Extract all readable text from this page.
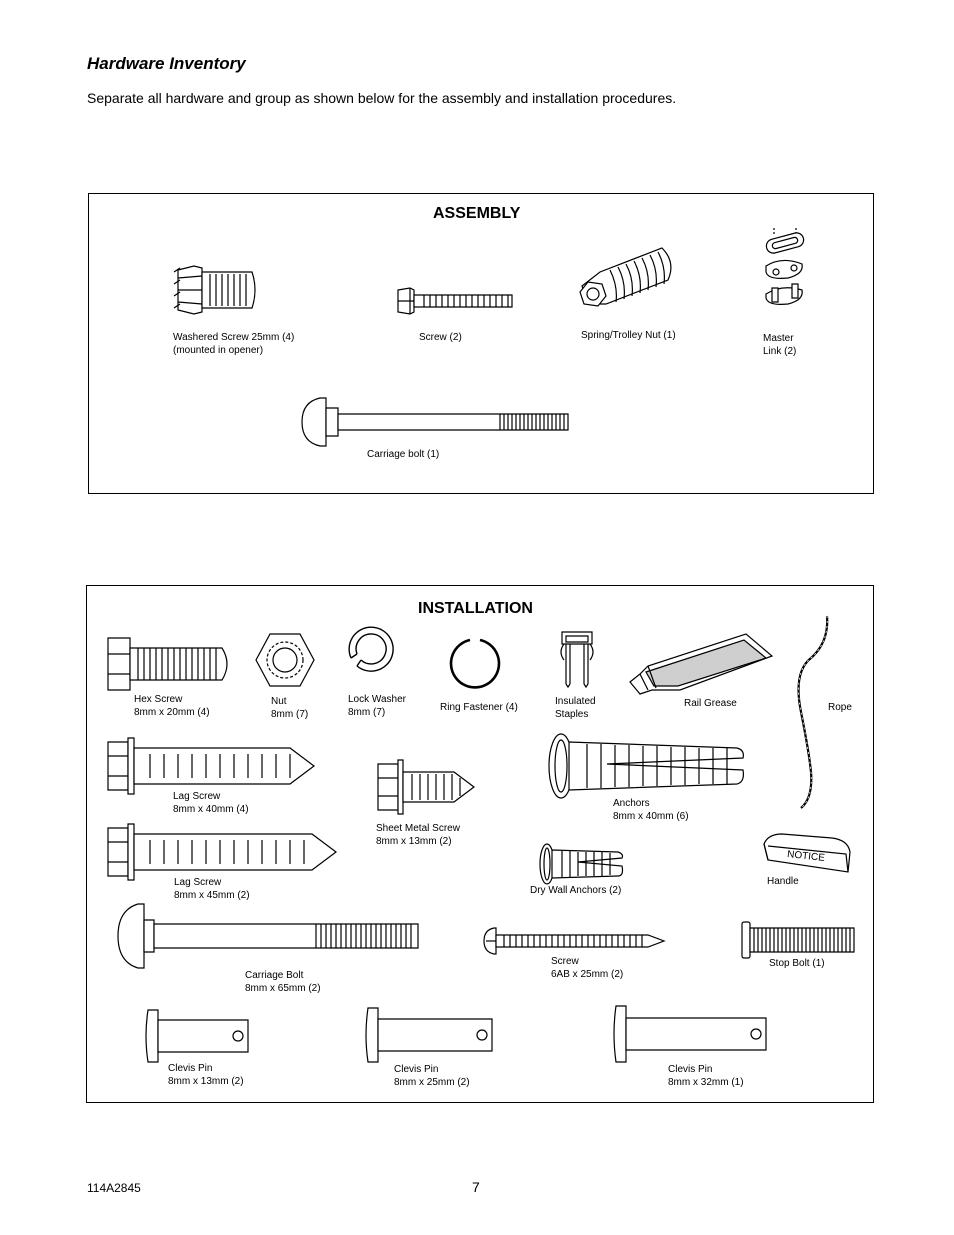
Hardware Inventory
Separate all hardware and group as shown below for the assembly and installation procedures.
ASSEMBLY
Washered Screw 25mm (4)
(mounted in opener)
Screw (2)	Spring/Trolley Nut (1)	Master
Link (2)
Carriage bolt (1)
INSTALLATION
Hex Screw
8mm x 20mm (4)
Nut
8mm (7)
Lock Washer
8mm (7)	Ring Fastener (4)
Insulated
Staples
Rail Grease	Rope
Lag Screw
8mm x 40mm (4)
Sheet Metal Screw
8mm x 13mm (2)
Anchors
8mm x 40mm (6)
Lag Screw
8mm x 45mm (2)	Dry Wall Anchors (2)
NOTICE
Handle
Carriage Bolt
8mm x 65mm (2)
Screw
6AB x 25mm (2)
Stop Bolt (1)
Clevis Pin
8mm x 13mm (2)
Clevis Pin
8mm x 25mm (2)
Clevis Pin
8mm x 32mm (1)
114A2845	7
